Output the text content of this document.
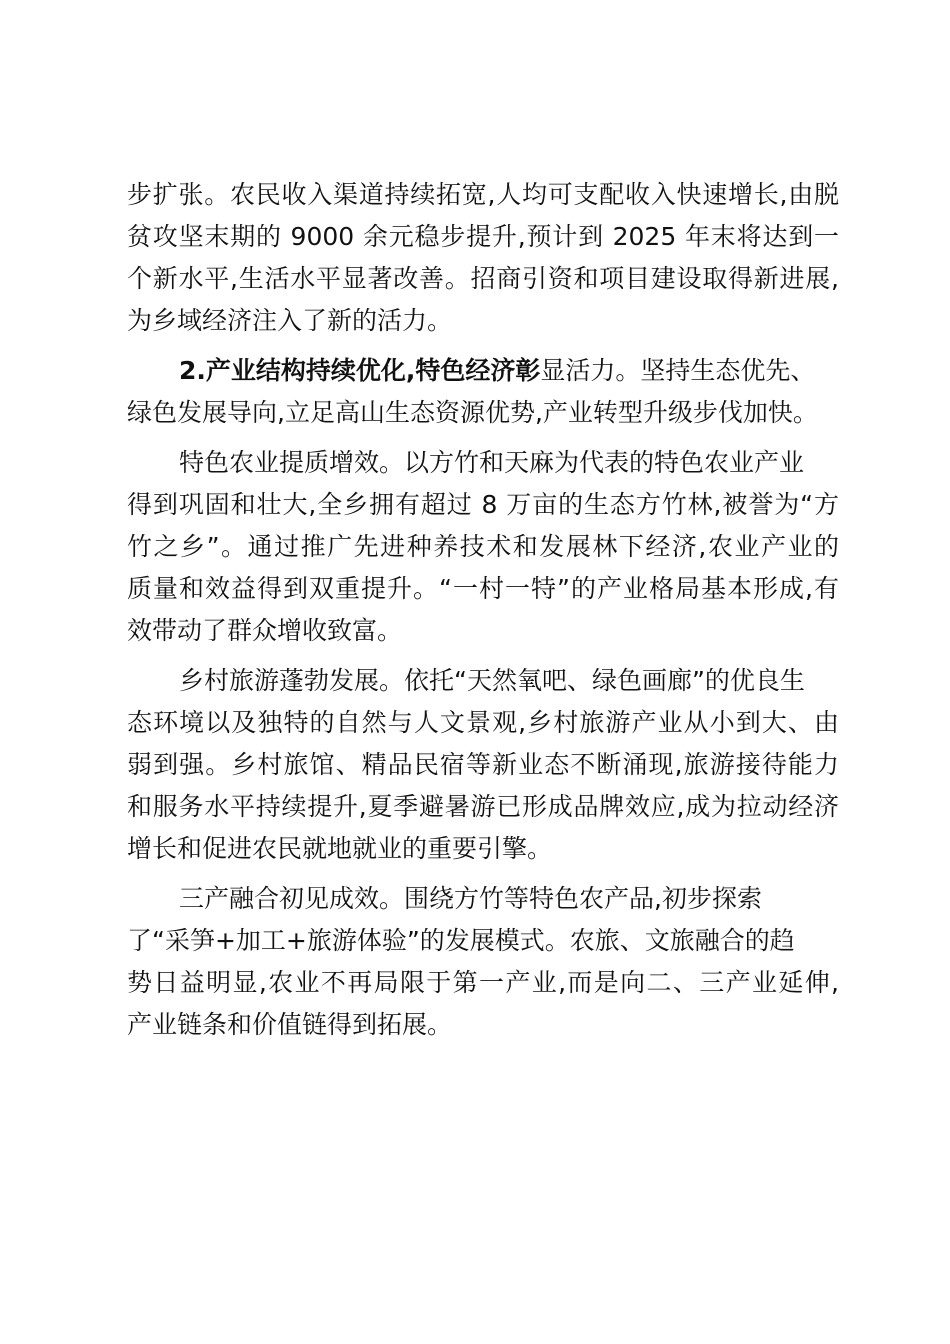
步扩张。农民收入渠道持续拓宽,人均可支配收入快速增长,由脱
贫攻坚末期的 9000 余元稳步提升,预计到 2025 年末将达到一
个新水平,生活水平显著改善。招商引资和项目建设取得新进展,
为乡域经济注入了新的活力。
2.产业结构持续优化,特色经济彰显活力。坚持生态优先、
绿色发展导向,立足高山生态资源优势,产业转型升级步伐加快。
特色农业提质增效。以方竹和天麻为代表的特色农业产业
得到巩固和壮大,全乡拥有超过 8 万亩的生态方竹林,被誉为“方
竹之乡”。通过推广先进种养技术和发展林下经济,农业产业的
质量和效益得到双重提升。“一村一特”的产业格局基本形成,有
效带动了群众增收致富。
乡村旅游蓬勃发展。依托“天然氧吧、绿色画廊”的优良生
态环境以及独特的自然与人文景观,乡村旅游产业从小到大、由
弱到强。乡村旅馆、精品民宿等新业态不断涌现,旅游接待能力
和服务水平持续提升,夏季避暑游已形成品牌效应,成为拉动经济
增长和促进农民就地就业的重要引擎。
三产融合初见成效。围绕方竹等特色农产品,初步探索
了“采笋+加工+旅游体验”的发展模式。农旅、文旅融合的趋
势日益明显,农业不再局限于第一产业,而是向二、三产业延伸,
产业链条和价值链得到拓展。
